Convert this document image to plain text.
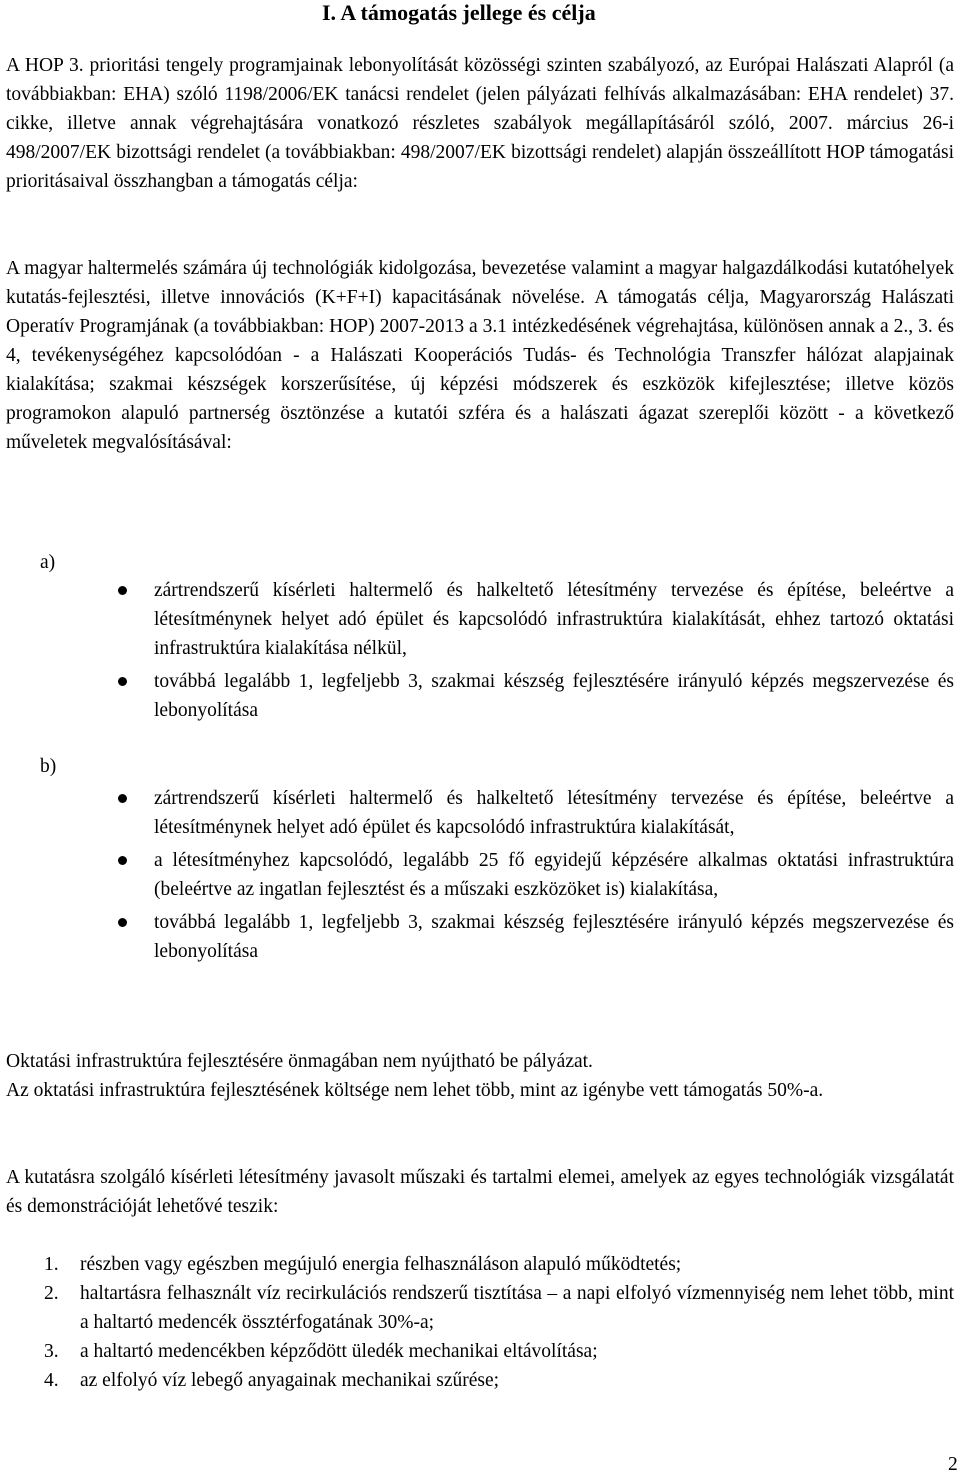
I. A támogatás jellege és célja

A HOP 3. prioritási tengely programjainak lebonyolítását közösségi szinten szabályozó, az Európai Halászati Alapról (a továbbiakban: EHA) szóló 1198/2006/EK tanácsi rendelet (jelen pályázati felhívás alkalmazásában: EHA rendelet) 37. cikke, illetve annak végrehajtására vonatkozó részletes szabályok megállapításáról szóló, 2007. március 26-i 498/2007/EK bizottsági rendelet (a továbbiakban: 498/2007/EK bizottsági rendelet) alapján összeállított HOP támogatási prioritásaival összhangban a támogatás célja:

A magyar haltermelés számára új technológiák kidolgozása, bevezetése valamint a magyar halgazdálkodási kutatóhelyek kutatás-fejlesztési, illetve innovációs (K+F+I) kapacitásának növelése. A támogatás célja, Magyarország Halászati Operatív Programjának (a továbbiakban: HOP) 2007-2013 a 3.1 intézkedésének végrehajtása, különösen annak a 2., 3. és 4, tevékenységéhez kapcsolódóan - a Halászati Kooperációs Tudás- és Technológia Transzfer hálózat alapjainak kialakítása; szakmai készségek korszerűsítése, új képzési módszerek és eszközök kifejlesztése; illetve közös programokon alapuló partnerség ösztönzése a kutatói szféra és a halászati ágazat szereplői között - a következő műveletek megvalósításával:

a)
zártrendszerű kísérleti haltermelő és halkeltető létesítmény tervezése és építése, beleértve a létesítménynek helyet adó épület és kapcsolódó infrastruktúra kialakítását, ehhez tartozó oktatási infrastruktúra kialakítása nélkül,
továbbá legalább 1, legfeljebb 3, szakmai készség fejlesztésére irányuló képzés megszervezése és lebonyolítása
b)
zártrendszerű kísérleti haltermelő és halkeltető létesítmény tervezése és építése, beleértve a létesítménynek helyet adó épület és kapcsolódó infrastruktúra kialakítását,
a létesítményhez kapcsolódó, legalább 25 fő egyidejű képzésére alkalmas oktatási infrastruktúra (beleértve az ingatlan fejlesztést és a műszaki eszközöket is) kialakítása,
továbbá legalább 1, legfeljebb 3, szakmai készség fejlesztésére irányuló képzés megszervezése és lebonyolítása

Oktatási infrastruktúra fejlesztésére önmagában nem nyújtható be pályázat.

Az oktatási infrastruktúra fejlesztésének költsége nem lehet több, mint az igénybe vett támogatás 50%-a.

A kutatásra szolgáló kísérleti létesítmény javasolt műszaki és tartalmi elemei, amelyek az egyes technológiák vizsgálatát és demonstrációját lehetővé teszik:

1. részben vagy egészben megújuló energia felhasználáson alapuló működtetés;
2. haltartásra felhasznált víz recirkulációs rendszerű tisztítása – a napi elfolyó vízmennyiség nem lehet több, mint a haltartó medencék össztérfogatának 30%-a;
3. a haltartó medencékben képződött üledék mechanikai eltávolítása;
4. az elfolyó víz lebegő anyagainak mechanikai szűrése;
2
